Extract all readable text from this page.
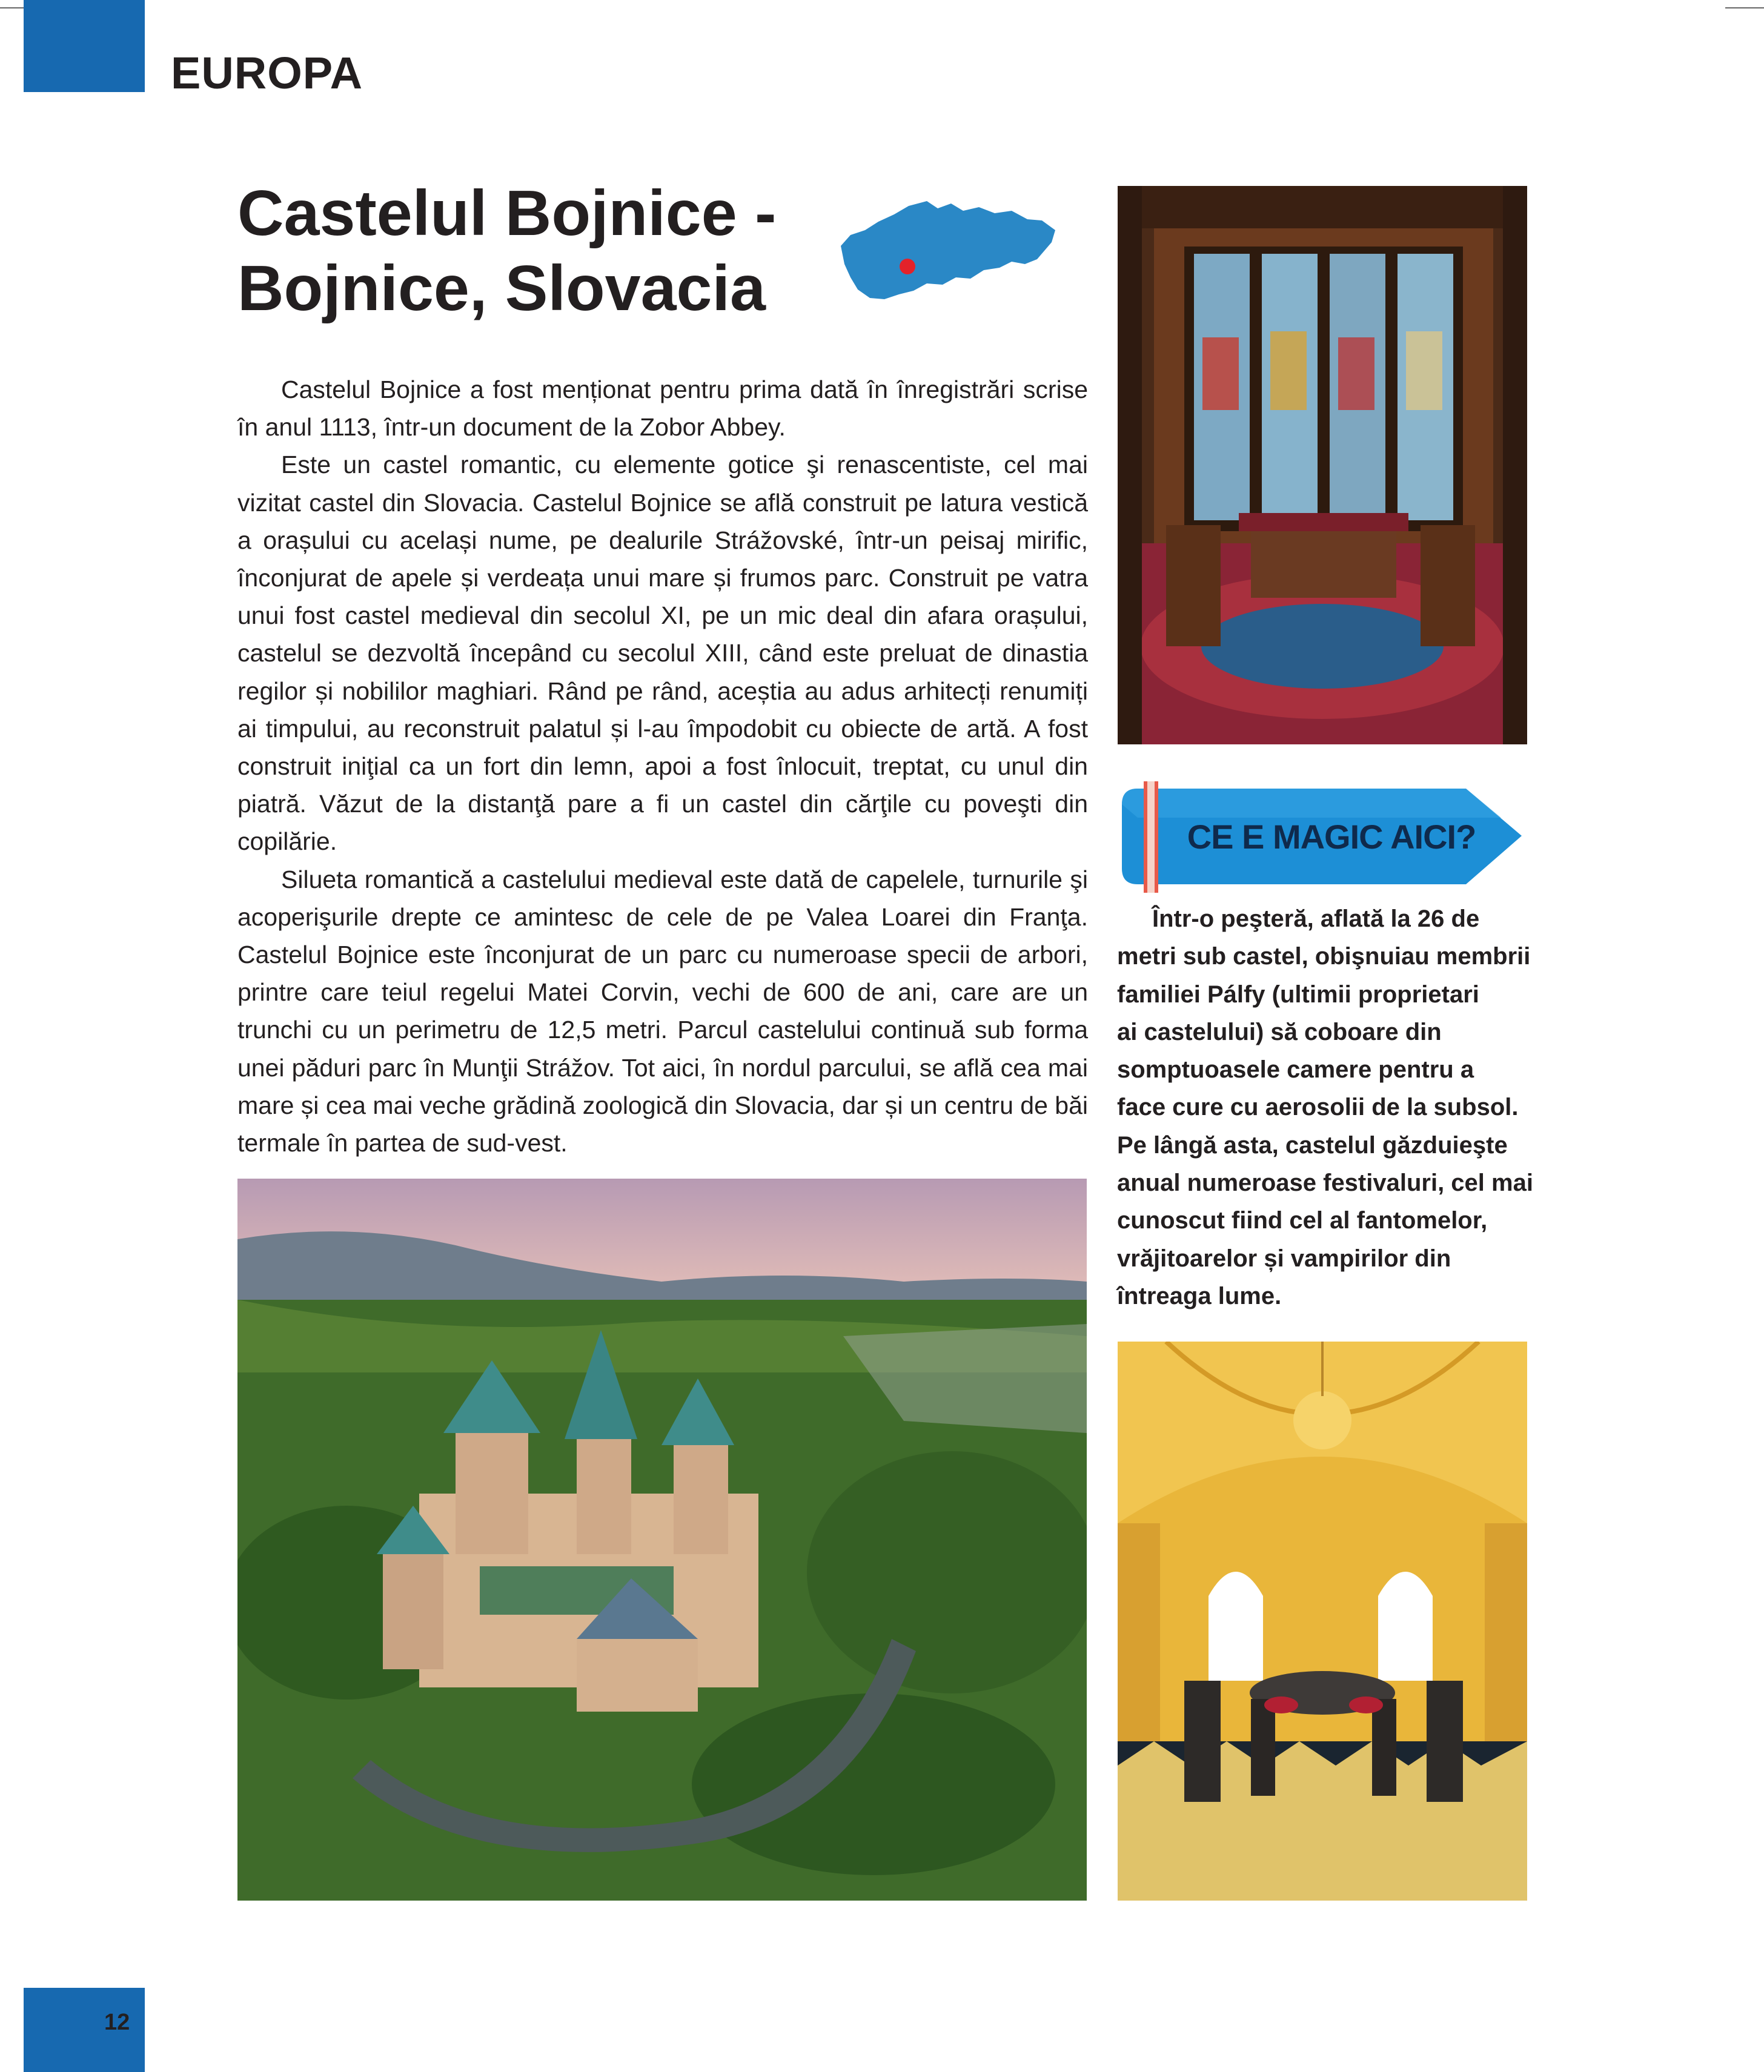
EUROPA
Castelul Bojnice -
Bojnice, Slovacia

Castelul Bojnice a fost menționat pentru prima dată în înregistrări scrise în anul 1113, într-un document de la Zobor Abbey.

Este un castel romantic, cu elemente gotice şi renascentiste, cel mai vizitat castel din Slovacia. Castelul Bojnice se află construit pe latura vestică a orașului cu același nume, pe dealurile Strážovské, într-un peisaj mirific, înconjurat de apele și verdeața unui mare și frumos parc. Construit pe vatra unui fost castel medieval din secolul XI, pe un mic deal din afara orașului, castelul se dezvoltă începând cu secolul XIII, când este preluat de dinastia regilor și nobililor maghiari. Rând pe rând, aceștia au adus arhitecți renumiți ai timpului, au reconstruit palatul și l-au împodobit cu obiecte de artă. A fost construit iniţial ca un fort din lemn, apoi a fost înlocuit, treptat, cu unul din piatră. Văzut de la distanţă pare a fi un castel din cărţile cu poveşti din copilărie.

Silueta romantică a castelului medieval este dată de capelele, turnurile şi acoperişurile drepte ce amintesc de cele de pe Valea Loarei din Franţa. Castelul Bojnice este înconjurat de un parc cu numeroase specii de arbori, printre care teiul regelui Matei Corvin, vechi de 600 de ani, care are un trunchi cu un perimetru de 12,5 metri. Parcul castelului continuă sub forma unei păduri parc în Munţii Strážov. Tot aici, în nordul parcului, se află cea mai mare și cea mai veche grădină zoologică din Slovacia, dar și un centru de băi termale în partea de sud-vest.

CE E MAGIC AICI?
Într-o peşteră, aflată la 26 de
metri sub castel, obişnuiau membrii
familiei Pálfy (ultimii proprietari
ai castelului) să coboare din
somptuoasele camere pentru a
face cure cu aerosolii de la subsol.
Pe lângă asta, castelul găzduieşte
anual numeroase festivaluri, cel mai
cunoscut fiind cel al fantomelor,
vrăjitoarelor și vampirilor din
întreaga lume.
12
